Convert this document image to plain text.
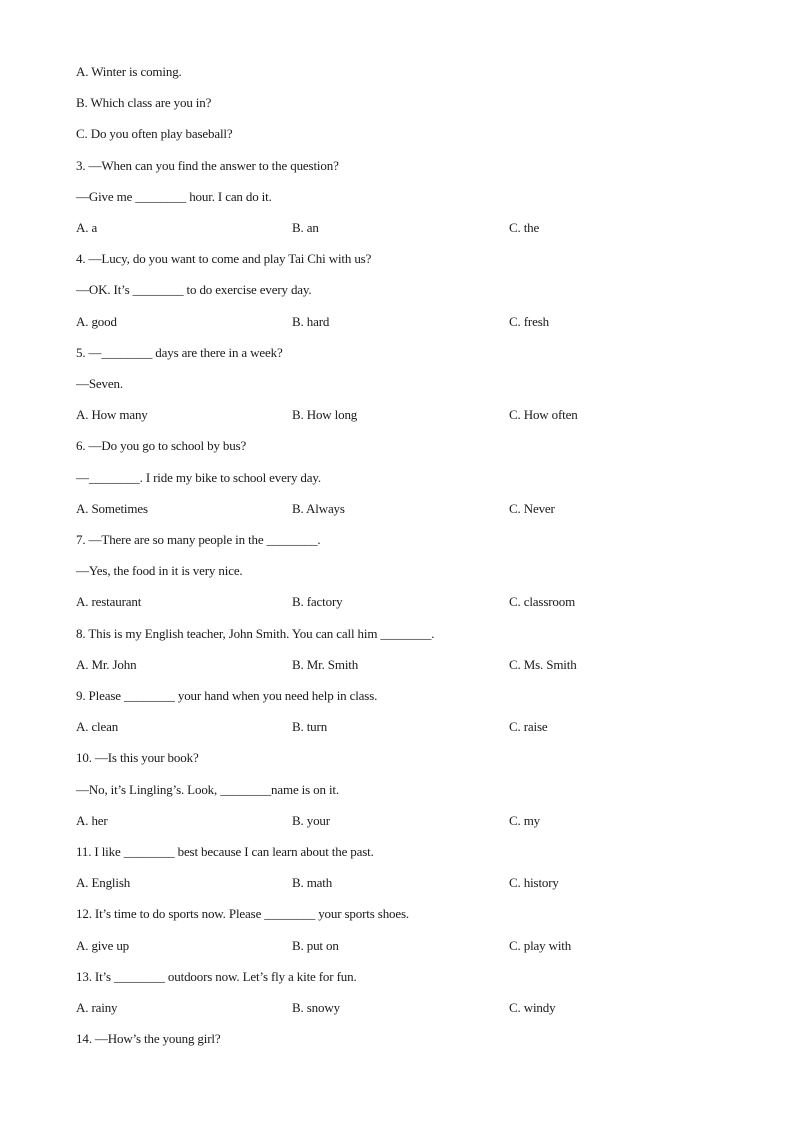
A. Winter is coming.
B. Which class are you in?
C. Do you often play baseball?
3. —When can you find the answer to the question?
—Give me ________ hour. I can do it.
A. a	B. an	C. the
4. —Lucy, do you want to come and play Tai Chi with us?
—OK. It’s ________ to do exercise every day.
A. good	B. hard	C. fresh
5. —________ days are there in a week?
—Seven.
A. How many	B. How long	C. How often
6. —Do you go to school by bus?
—________. I ride my bike to school every day.
A. Sometimes	B. Always	C. Never
7. —There are so many people in the ________.
—Yes, the food in it is very nice.
A. restaurant	B. factory	C. classroom
8. This is my English teacher, John Smith. You can call him ________.
A. Mr. John	B. Mr. Smith	C. Ms. Smith
9. Please ________ your hand when you need help in class.
A. clean	B. turn	C. raise
10. —Is this your book?
—No, it’s Lingling’s. Look, ________name is on it.
A. her	B. your	C. my
11. I like ________ best because I can learn about the past.
A. English	B. math	C. history
12. It’s time to do sports now. Please ________ your sports shoes.
A. give up	B. put on	C. play with
13. It’s ________ outdoors now. Let’s fly a kite for fun.
A. rainy	B. snowy	C. windy
14. —How’s the young girl?
